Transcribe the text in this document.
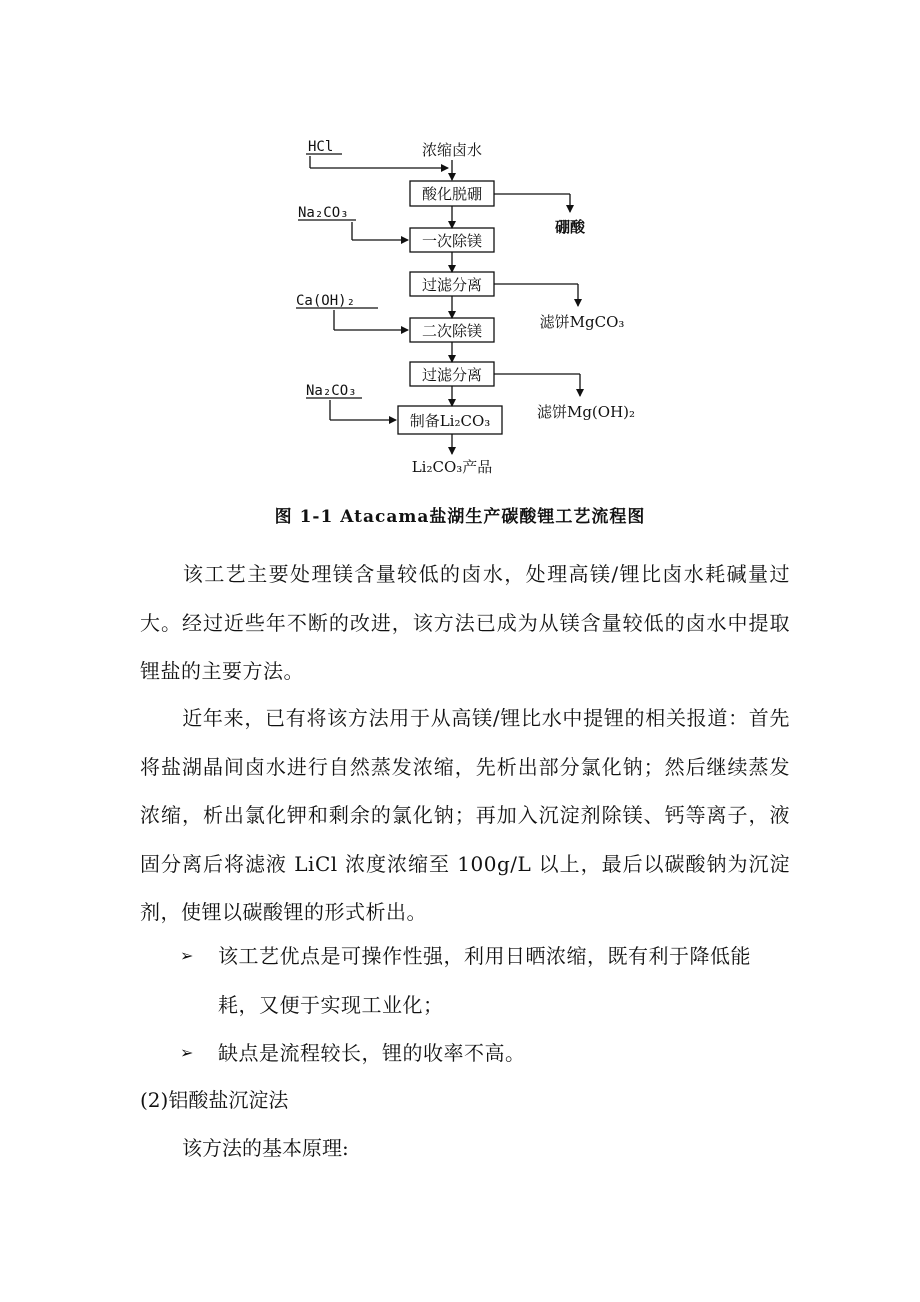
浓缩卤水
酸化脱硼
一次除镁
过滤分离
二次除镁
过滤分离
制备Li₂CO₃
Li₂CO₃产品
HCl
Na₂CO₃
Ca(OH)₂
Na₂CO₃
硼酸
滤饼MgCO₃
滤饼Mg(OH)₂
图 1-1 Atacama盐湖生产碳酸锂工艺流程图

该工艺主要处理镁含量较低的卤水，处理高镁/锂比卤水耗碱量过大。经过近些年不断的改进，该方法已成为从镁含量较低的卤水中提取锂盐的主要方法。

近年来，已有将该方法用于从高镁/锂比水中提锂的相关报道：首先将盐湖晶间卤水进行自然蒸发浓缩，先析出部分氯化钠；然后继续蒸发浓缩，析出氯化钾和剩余的氯化钠；再加入沉淀剂除镁、钙等离子，液固分离后将滤液 LiCl 浓度浓缩至 100g/L 以上，最后以碳酸钠为沉淀剂，使锂以碳酸锂的形式析出。

➢ 该工艺优点是可操作性强，利用日晒浓缩，既有利于降低能耗，又便于实现工业化；
➢ 缺点是流程较长，锂的收率不高。
(2)铝酸盐沉淀法
该方法的基本原理:
